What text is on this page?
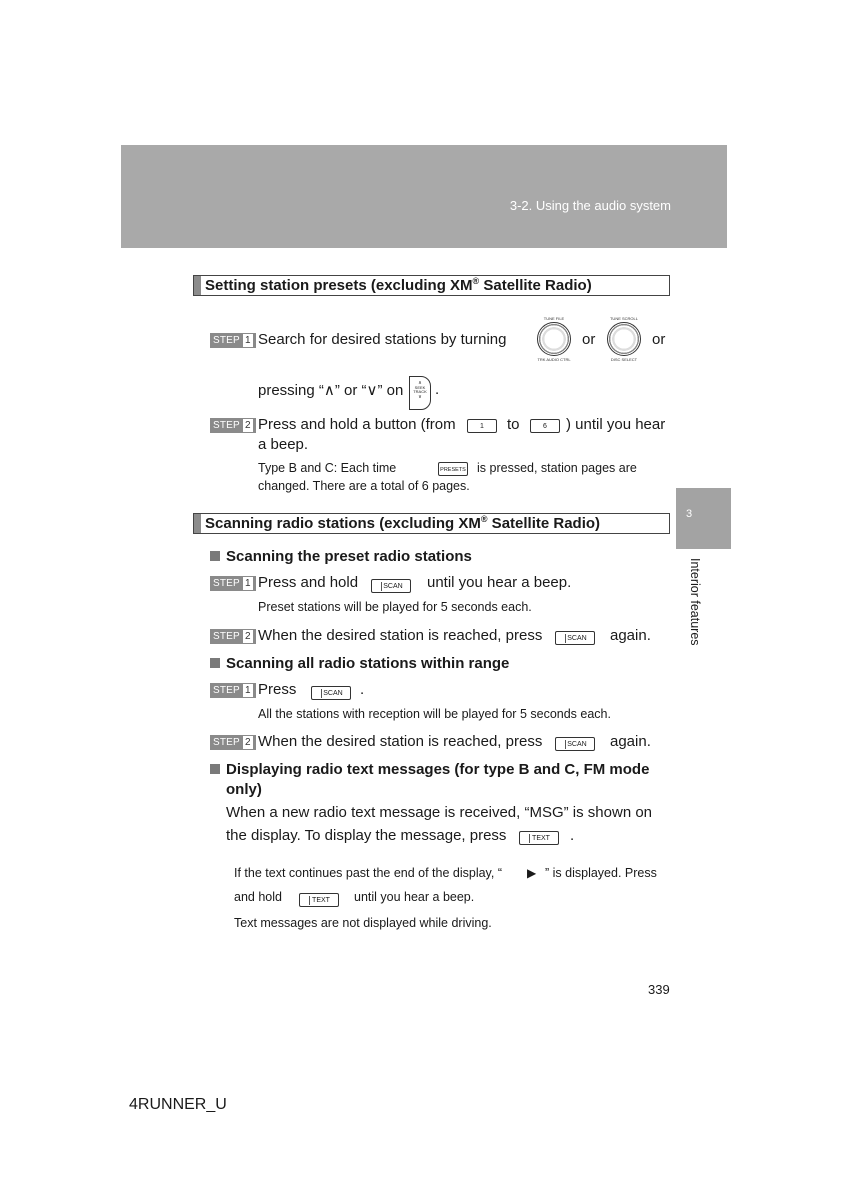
3-2. Using the audio system
3
Interior features
Setting station presets (excluding XM® Satellite Radio)
STEP 1 Search for desired stations by turning
TUNE FILE
TRK AUDIO CTRL
or
TUNE SCROLL
DISC SELECT
or
pressing “∧” or “∨” on	∧
SEEK TRACK
∨ .
STEP 2 Press and hold a button (from	1	to	6	) until you hear
a beep.
Type B and C: Each time	PRESETS is pressed, station pages are
changed. There are a total of 6 pages.
Scanning radio stations (excluding XM® Satellite Radio)
Scanning the preset radio stations
STEP 1 Press and hold	SCAN	until you hear a beep.
Preset stations will be played for 5 seconds each.
STEP 2 When the desired station is reached, press	SCAN	again.
Scanning all radio stations within range
STEP 1 Press	SCAN	.
All the stations with reception will be played for 5 seconds each.
STEP 2 When the desired station is reached, press	SCAN	again.
Displaying radio text messages (for type B and C, FM mode
only)
When a new radio text message is received, “MSG” is shown on
the display. To display the message, press	TEXT	.
If the text continues past the end of the display, “ ▶ ” is displayed. Press
and hold	TEXT	until you hear a beep.
Text messages are not displayed while driving.
339
4RUNNER_U
